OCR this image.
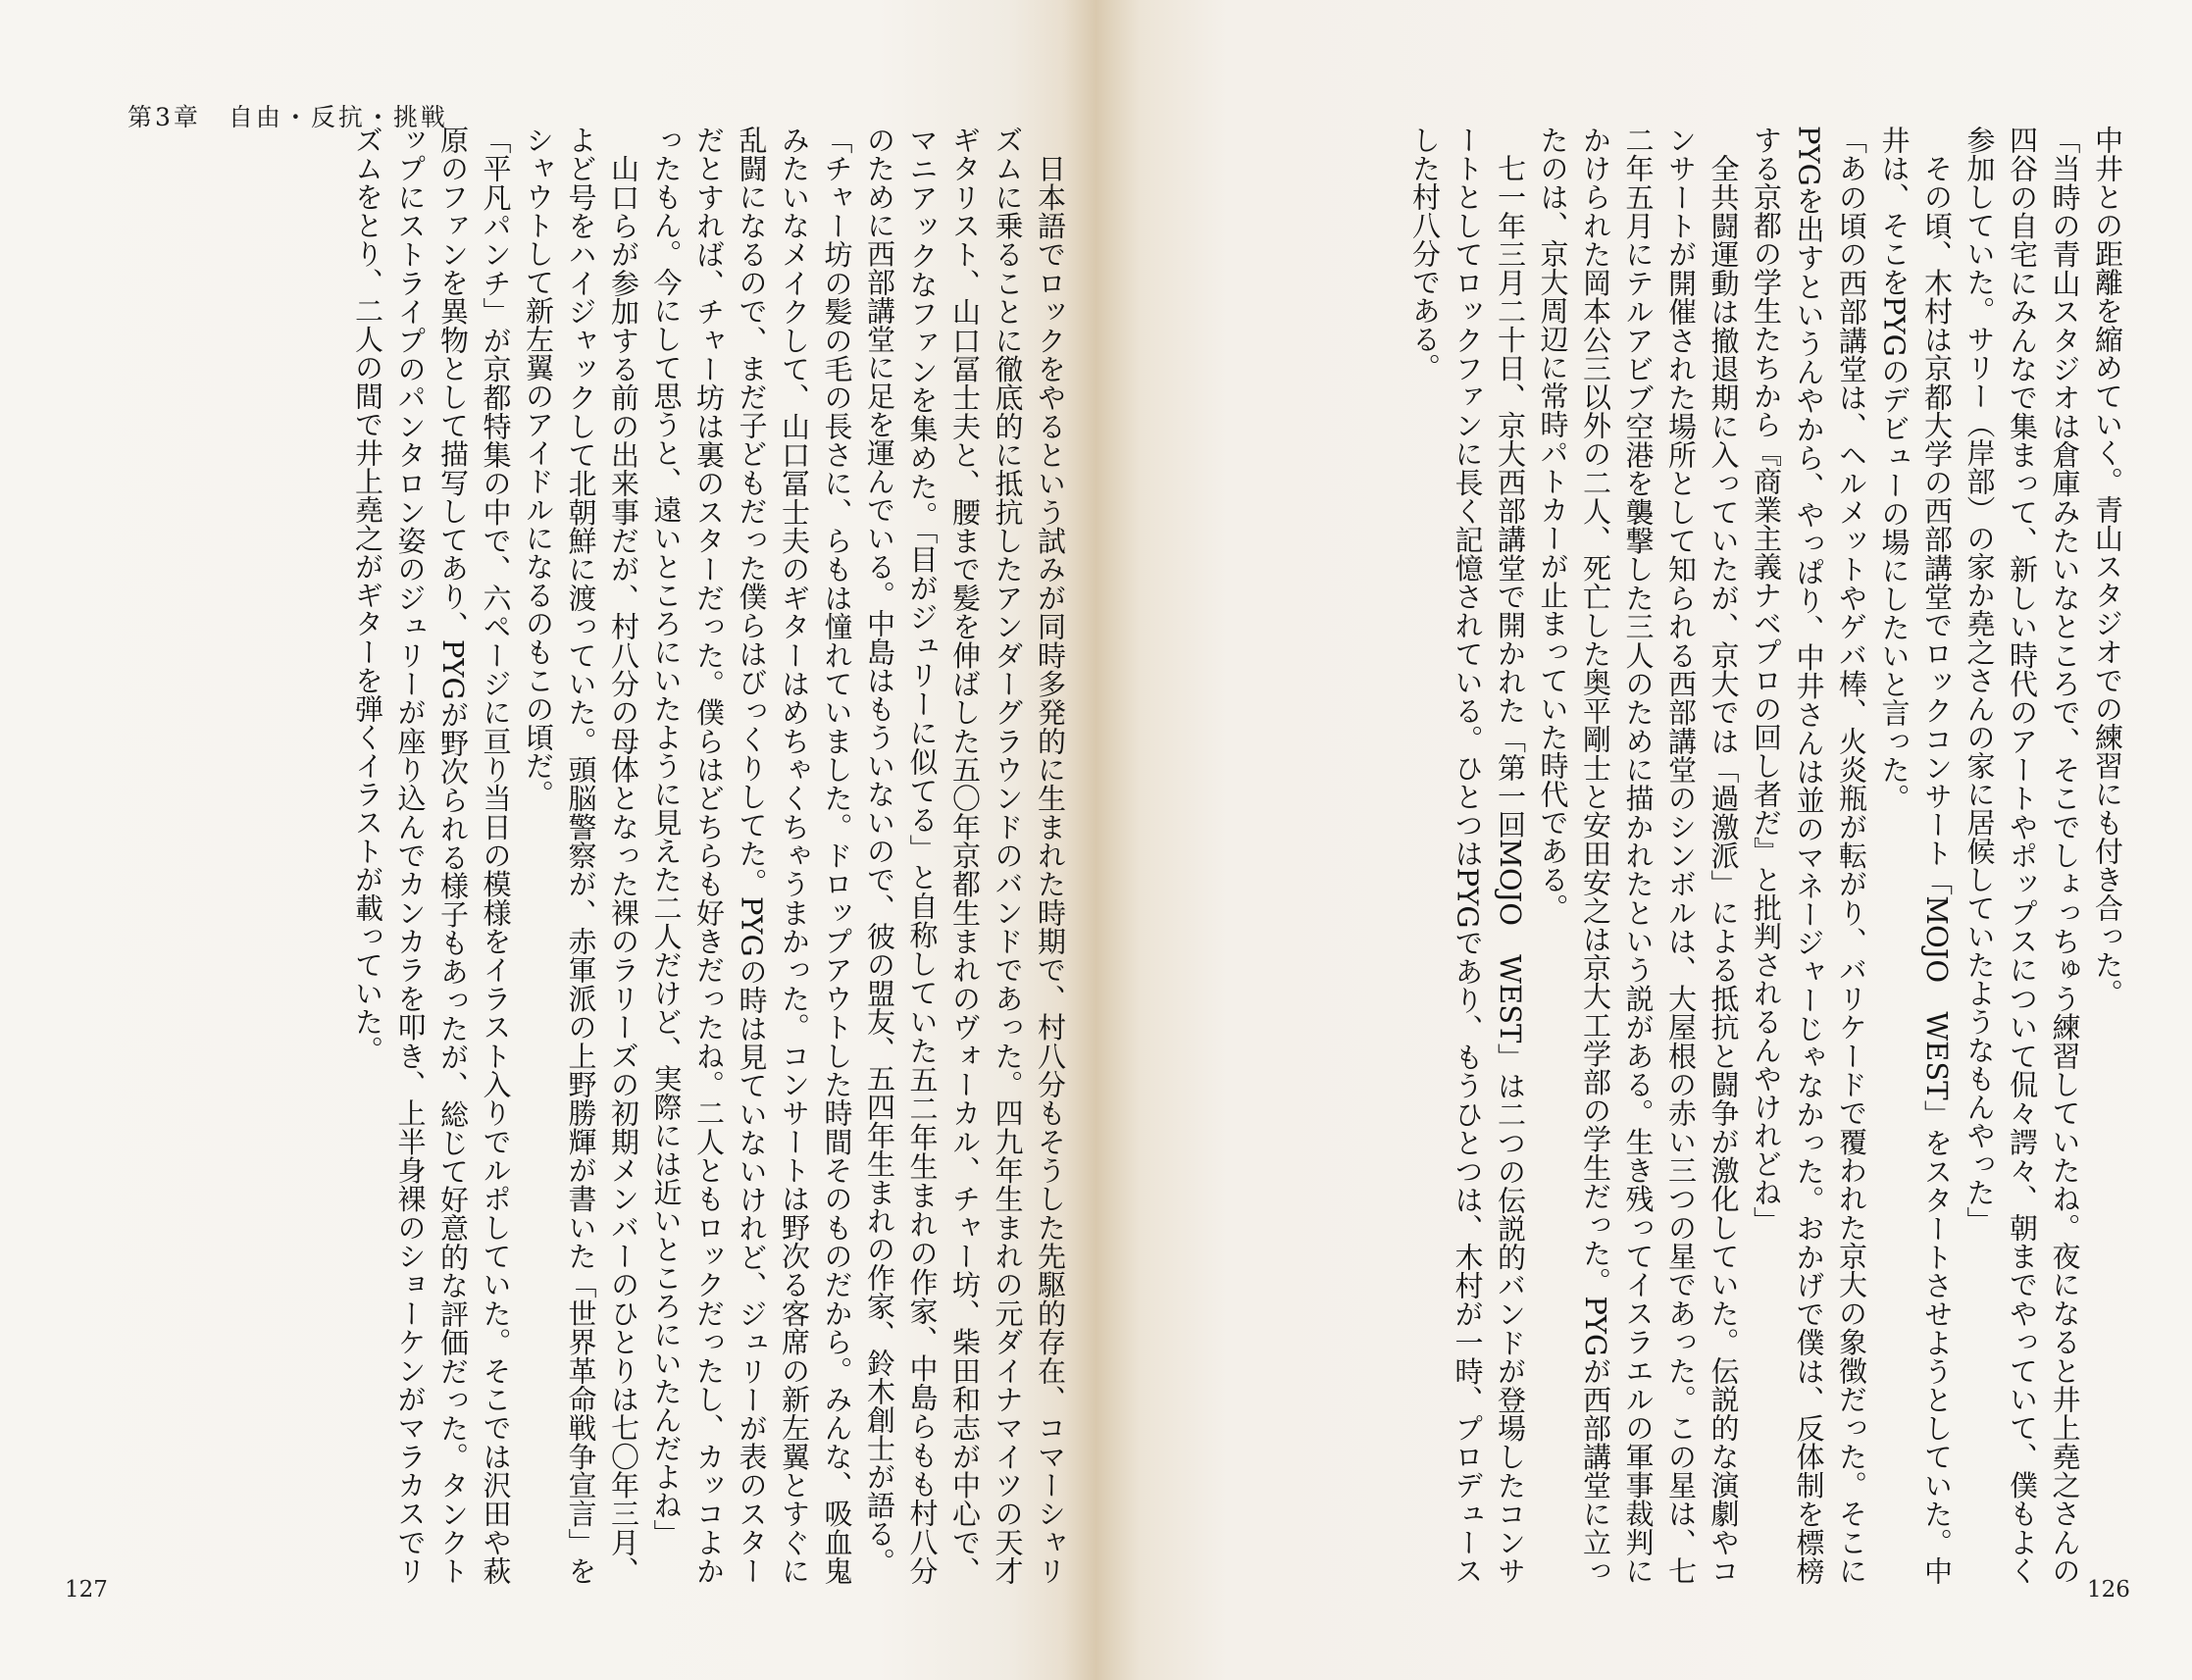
第3章　自由・反抗・挑戦

　日本語でロックをやるという試みが同時多発的に生まれた時期で、村八分もそうした先駆的存在、コマーシャリズムに乗ることに徹底的に抵抗したアンダーグラウンドのバンドであった。四九年生まれの元ダイナマイツの天才ギタリスト、山口冨士夫と、腰まで髪を伸ばした五〇年京都生まれのヴォーカル、チャー坊、柴田和志が中心で、マニアックなファンを集めた。「目がジュリーに似てる」と自称していた五二年生まれの作家、中島らもも村八分のために西部講堂に足を運んでいる。中島はもういないので、彼の盟友、五四年生まれの作家、鈴木創士が語る。

「チャー坊の髪の毛の長さに、らもは憧れていました。ドロップアウトした時間そのものだから。みんな、吸血鬼みたいなメイクして、山口冨士夫のギターはめちゃくちゃうまかった。コンサートは野次る客席の新左翼とすぐに乱闘になるので、まだ子どもだった僕らはびっくりしてた。PYGの時は見ていないけれど、ジュリーが表のスターだとすれば、チャー坊は裏のスターだった。僕らはどちらも好きだったね。二人ともロックだったし、カッコよかったもん。今にして思うと、遠いところにいたように見えた二人だけど、実際には近いところにいたんだよね」

　山口らが参加する前の出来事だが、村八分の母体となった裸のラリーズの初期メンバーのひとりは七〇年三月、よど号をハイジャックして北朝鮮に渡っていた。頭脳警察が、赤軍派の上野勝輝が書いた「世界革命戦争宣言」をシャウトして新左翼のアイドルになるのもこの頃だ。

「平凡パンチ」が京都特集の中で、六ページに亘り当日の模様をイラスト入りでルポしていた。そこでは沢田や萩原のファンを異物として描写してあり、PYGが野次られる様子もあったが、総じて好意的な評価だった。タンクトップにストライプのパンタロン姿のジュリーが座り込んでカンカラを叩き、上半身裸のショーケンがマラカスでリズムをとり、二人の間で井上堯之がギターを弾くイラストが載っていた。

127

中井との距離を縮めていく。青山スタジオでの練習にも付き合った。

「当時の青山スタジオは倉庫みたいなところで、そこでしょっちゅう練習していたね。夜になると井上堯之さんの四谷の自宅にみんなで集まって、新しい時代のアートやポップスについて侃々諤々、朝までやっていて、僕もよく参加していた。サリー（岸部）の家か堯之さんの家に居候していたようなもんやった」

　その頃、木村は京都大学の西部講堂でロックコンサート「MOJO　WEST」をスタートさせようとしていた。中井は、そこをPYGのデビューの場にしたいと言った。

「あの頃の西部講堂は、ヘルメットやゲバ棒、火炎瓶が転がり、バリケードで覆われた京大の象徴だった。そこにPYGを出すというんやから、やっぱり、中井さんは並のマネージャーじゃなかった。おかげで僕は、反体制を標榜する京都の学生たちから『商業主義ナベプロの回し者だ』と批判されるんやけれどね」

　全共闘運動は撤退期に入っていたが、京大では「過激派」による抵抗と闘争が激化していた。伝説的な演劇やコンサートが開催された場所として知られる西部講堂のシンボルは、大屋根の赤い三つの星であった。この星は、七二年五月にテルアビブ空港を襲撃した三人のために描かれたという説がある。生き残ってイスラエルの軍事裁判にかけられた岡本公三以外の二人、死亡した奥平剛士と安田安之は京大工学部の学生だった。PYGが西部講堂に立ったのは、京大周辺に常時パトカーが止まっていた時代である。

　七一年三月二十日、京大西部講堂で開かれた「第一回MOJO　WEST」は二つの伝説的バンドが登場したコンサートとしてロックファンに長く記憶されている。ひとつはPYGであり、もうひとつは、木村が一時、プロデュースした村八分である。

126
